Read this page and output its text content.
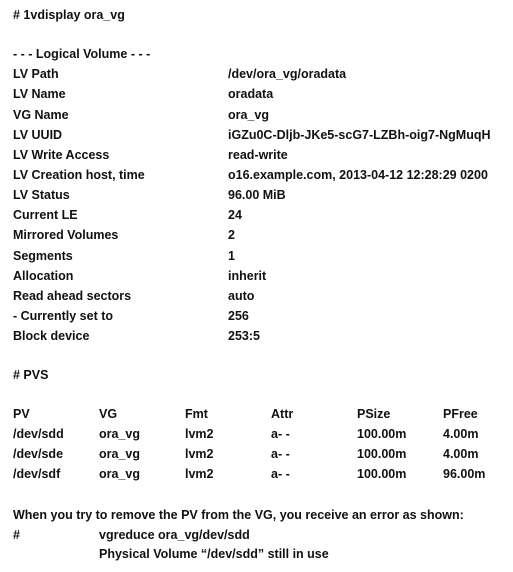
# 1vdisplay ora_vg
- - - Logical Volume - - -
LV Path	/dev/ora_vg/oradata
LV Name	oradata
VG Name	ora_vg
LV UUID	iGZu0C-Dljb-JKe5-scG7-LZBh-oig7-NgMuqH
LV Write Access	read-write
LV Creation host, time	o16.example.com, 2013-04-12 12:28:29 0200
LV Status	96.00 MiB
Current LE	24
Mirrored Volumes	2
Segments	1
Allocation	inherit
Read ahead sectors	auto
- Currently set to	256
Block device	253:5
# PVS
PV	VG	Fmt	Attr	PSize	PFree
/dev/sdd	ora_vg	lvm2	a- -	100.00m	4.00m
/dev/sde	ora_vg	lvm2	a- -	100.00m	4.00m
/dev/sdf	ora_vg	lvm2	a- -	100.00m	96.00m
When you try to remove the PV from the VG, you receive an error as shown:
#	vgreduce ora_vg/dev/sdd
Physical Volume “/dev/sdd” still in use
